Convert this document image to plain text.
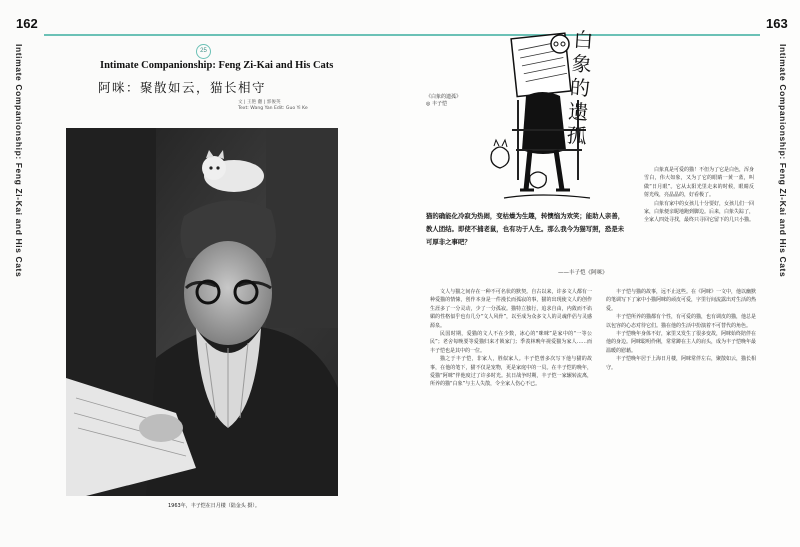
162
Intimate Companionship: Feng Zi-Kai and His Cats	25
Intimate Companionship: Feng Zi-Kai and His Cats
阿咪：聚散如云，猫长相守
文 | 王艳 翻 | 郭俊英
Text: Wang Yan Edit: Guo Yi Ke
1963年，丰子恺在日月楼（陆金头 摄）。
163
Intimate Companionship: Feng Zi-Kai and His Cats
《白象的遗孤》
◎ 丰子恺
白象的遗孤
猫的确能化冷寂为热闹，变枯燥为生趣，转懊恼为欢笑；能助人亲善，教人团结。即使不捕老鼠，也有功于人生。那么我今为猫写照，恐是未可厚非之事吧？
——丰子恺《阿咪》

白象真是可爱的猫！不但为了它是白色，浑身雪白，伟大如象，又为了它的眼睛一黄一蓝，叫做“日月眼”。它从太阳光里走来的时候，眼睛反射光线，亮晶晶的，好看极了。

白象有家中的女孩儿十分要好，女孩儿们一回家，白象便亲昵地跑到脚边。后来，白象失踪了，全家人四处寻找，最终只寻回它留下的几只小猫。

文人与猫之间存在一种不可名状的默契。自古以来，许多文人都有一种爱猫的情愫，创作本身是一件漫长而孤寂的事，猫的出现使文人的创作生涯多了一分灵动，少了一分孤寂。猫特立独行，追求自由，内敛而不谄媚的性格似乎也有几分“文人风骨”，以至成为众多文人的灵魂伴侣与灵感源泉。

民国时期，爱猫的文人不在少数，冰心的“咪咪”是家中的“一等公民”；老舍每晚要等爱猫归来才锁家门；季羡林晚年视爱猫为家人……而丰子恺也是其中的一位。

猫之于丰子恺，非家人，胜似家人。丰子恺曾多次写下他与猫的故事，在他的笔下，猫不仅是宠物，更是家庭中的一员。在丰子恺的晚年，爱猫“阿咪”伴他度过了许多时光。抗日战争时期，丰子恺一家辗转流离，所养的猫“白象”与主人失散，令全家人伤心不已。

丰子恺与猫的故事，远不止这些。在《阿咪》一文中，他以幽默的笔调写下了家中小猫阿咪的顽皮可爱，字里行间流露出对生活的热爱。

丰子恺所养的猫都有个性，有可爱的猫，也有调皮的猫，他总是以包容的心态对待它们。猫在他的生活中扮演着不可替代的角色。

丰子恺晚年身体不好，家里又发生了很多变故，阿咪始终陪伴在他的身边。阿咪聪明伶俐，常常蹲在主人的肩头，成为丰子恺晚年最温暖的慰藉。

丰子恺晚年居于上海日月楼，阿咪常伴左右，聚散如云，猫长相守。
